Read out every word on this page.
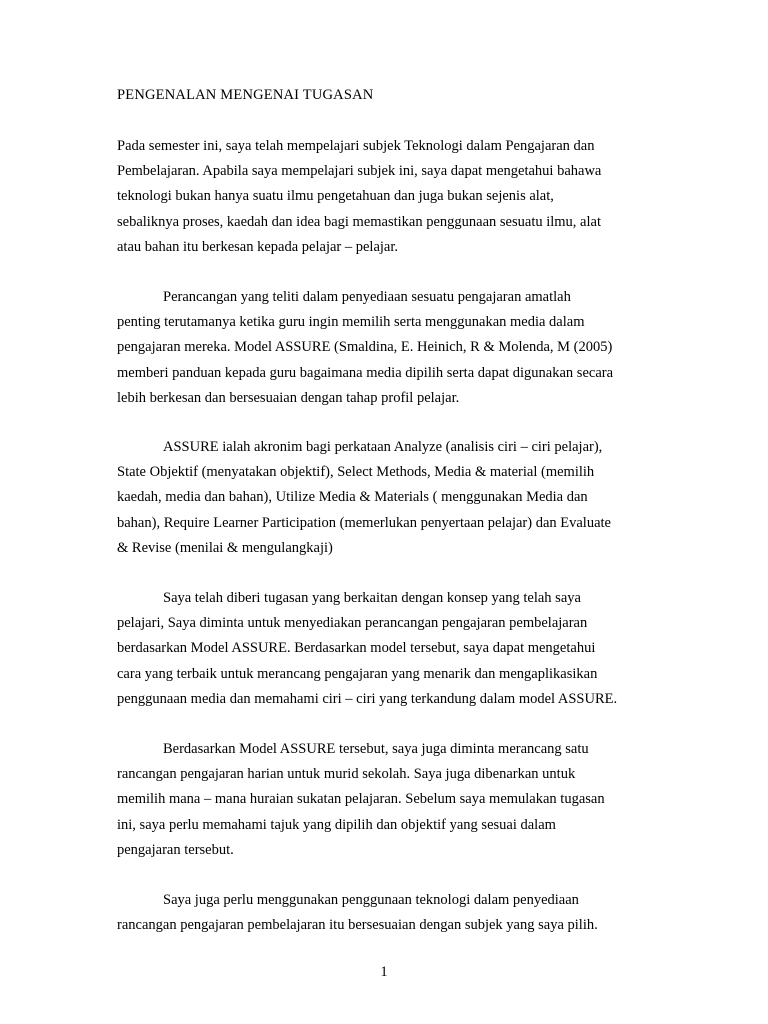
PENGENALAN MENGENAI TUGASAN
Pada semester ini, saya telah mempelajari subjek Teknologi dalam Pengajaran dan
Pembelajaran. Apabila saya mempelajari subjek ini, saya dapat mengetahui bahawa
teknologi bukan hanya suatu ilmu pengetahuan dan juga bukan sejenis alat,
sebaliknya proses, kaedah dan idea bagi memastikan penggunaan sesuatu ilmu, alat
atau bahan itu berkesan kepada pelajar – pelajar.
Perancangan yang teliti dalam penyediaan sesuatu pengajaran amatlah
penting terutamanya ketika guru ingin memilih serta menggunakan media dalam
pengajaran mereka. Model ASSURE (Smaldina, E. Heinich, R & Molenda, M (2005)
memberi panduan kepada guru bagaimana media dipilih serta dapat digunakan secara
lebih berkesan dan bersesuaian dengan tahap profil pelajar.
ASSURE ialah akronim bagi perkataan Analyze (analisis ciri – ciri pelajar),
State Objektif (menyatakan objektif), Select Methods, Media & material (memilih
kaedah, media dan bahan), Utilize Media & Materials ( menggunakan Media dan
bahan), Require Learner Participation (memerlukan penyertaan pelajar) dan Evaluate
& Revise (menilai & mengulangkaji)
Saya telah diberi tugasan yang berkaitan dengan konsep yang telah saya
pelajari, Saya diminta untuk menyediakan perancangan pengajaran pembelajaran
berdasarkan Model ASSURE. Berdasarkan model tersebut, saya dapat mengetahui
cara yang terbaik untuk merancang pengajaran yang menarik dan mengaplikasikan
penggunaan media dan memahami ciri – ciri yang terkandung dalam model ASSURE.
Berdasarkan Model ASSURE tersebut, saya juga diminta merancang satu
rancangan pengajaran harian untuk murid sekolah. Saya juga dibenarkan untuk
memilih mana – mana huraian sukatan pelajaran. Sebelum saya memulakan tugasan
ini, saya perlu memahami tajuk yang dipilih dan objektif yang sesuai dalam
pengajaran tersebut.
Saya juga perlu menggunakan penggunaan teknologi dalam penyediaan
rancangan pengajaran pembelajaran itu bersesuaian dengan subjek yang saya pilih.
1
